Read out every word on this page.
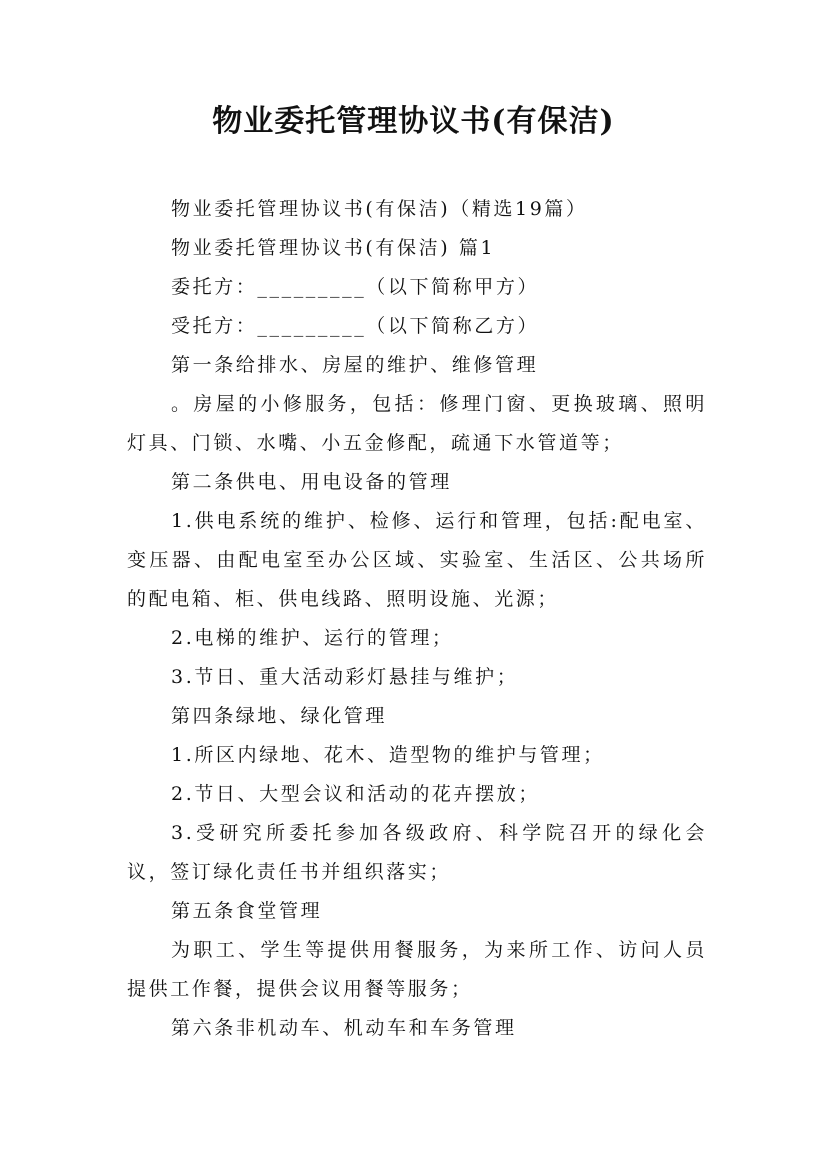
物业委托管理协议书(有保洁)

物业委托管理协议书(有保洁)（精选19篇）

物业委托管理协议书(有保洁) 篇1

委托方：_________（以下简称甲方）

受托方：_________（以下简称乙方）

第一条给排水、房屋的维护、维修管理

。房屋的小修服务，包括：修理门窗、更换玻璃、照明灯具、门锁、水嘴、小五金修配，疏通下水管道等；

第二条供电、用电设备的管理

1.供电系统的维护、检修、运行和管理，包括:配电室、变压器、由配电室至办公区域、实验室、生活区、公共场所的配电箱、柜、供电线路、照明设施、光源；

2.电梯的维护、运行的管理；

3.节日、重大活动彩灯悬挂与维护；

第四条绿地、绿化管理

1.所区内绿地、花木、造型物的维护与管理；

2.节日、大型会议和活动的花卉摆放；

3.受研究所委托参加各级政府、科学院召开的绿化会议，签订绿化责任书并组织落实；

第五条食堂管理

为职工、学生等提供用餐服务，为来所工作、访问人员提供工作餐，提供会议用餐等服务；

第六条非机动车、机动车和车务管理
